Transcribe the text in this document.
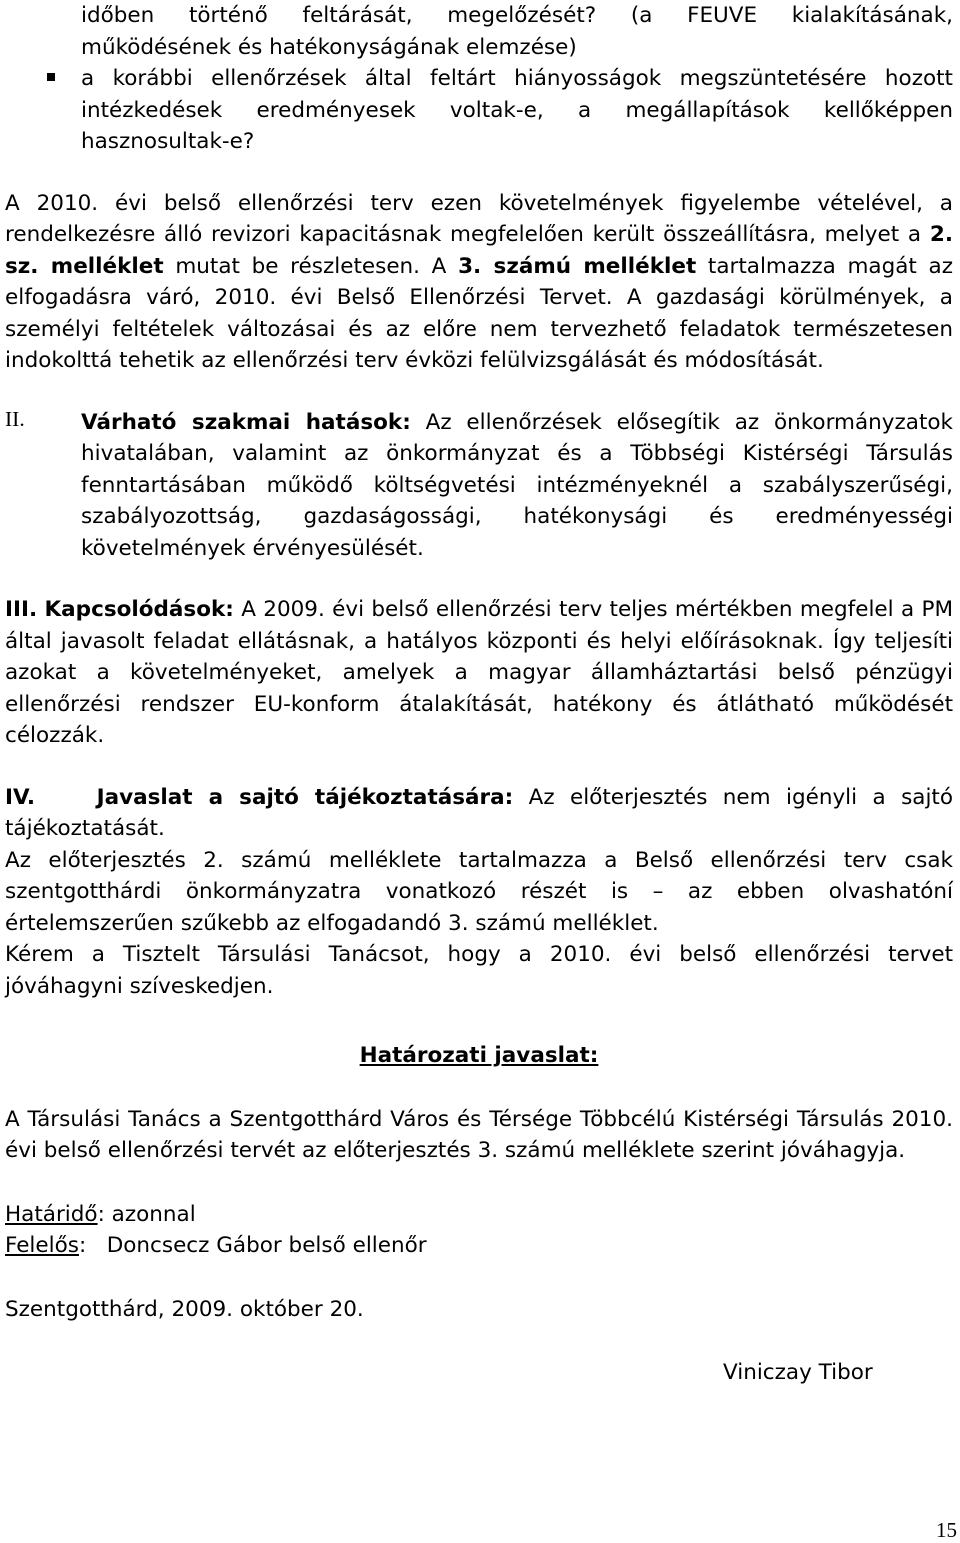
időben történő feltárását, megelőzését? (a FEUVE kialakításának,

működésének és hatékonyságának elemzése)

a korábbi ellenőrzések által feltárt hiányosságok megszüntetésére hozott intézkedések eredményesek voltak-e, a megállapítások kellőképpen hasznosultak-e?

A 2010. évi belső ellenőrzési terv ezen követelmények figyelembe vételével, a rendelkezésre álló revizori kapacitásnak megfelelően került összeállításra, melyet a 2. sz. melléklet mutat be részletesen. A 3. számú melléklet tartalmazza magát az elfogadásra váró, 2010. évi Belső Ellenőrzési Tervet. A gazdasági körülmények, a személyi feltételek változásai és az előre nem tervezhető feladatok természetesen indokolttá tehetik az ellenőrzési terv évközi felülvizsgálását és módosítását.

II.	Várható szakmai hatások: Az ellenőrzések elősegítik az önkormányzatok hivatalában, valamint az önkormányzat és a Többségi Kistérségi Társulás fenntartásában működő költségvetési intézményeknél a szabályszerűségi, szabályozottság, gazdaságossági, hatékonysági és eredményességi követelmények érvényesülését.

III. Kapcsolódások: A 2009. évi belső ellenőrzési terv teljes mértékben megfelel a PM által javasolt feladat ellátásnak, a hatályos központi és helyi előírásoknak. Így teljesíti azokat a követelményeket, amelyek a magyar államháztartási belső pénzügyi ellenőrzési rendszer EU-konform átalakítását, hatékony és átlátható működését célozzák.

IV.	Javaslat a sajtó tájékoztatására: Az előterjesztés nem igényli a sajtó tájékoztatását.

Az előterjesztés 2. számú melléklete tartalmazza a Belső ellenőrzési terv csak szentgotthárdi önkormányzatra vonatkozó részét is – az ebben olvashatóní értelemszerűen szűkebb az elfogadandó 3. számú melléklet.

Kérem a Tisztelt Társulási Tanácsot, hogy a 2010. évi belső ellenőrzési tervet jóváhagyni szíveskedjen.

Határozati javaslat:

A Társulási Tanács a Szentgotthárd Város és Térsége Többcélú Kistérségi Társulás 2010. évi belső ellenőrzési tervét az előterjesztés 3. számú melléklete szerint jóváhagyja.

Határidő: azonnal

Felelős: Doncsecz Gábor belső ellenőr

Szentgotthárd, 2009. október 20.

Viniczay Tibor

15
